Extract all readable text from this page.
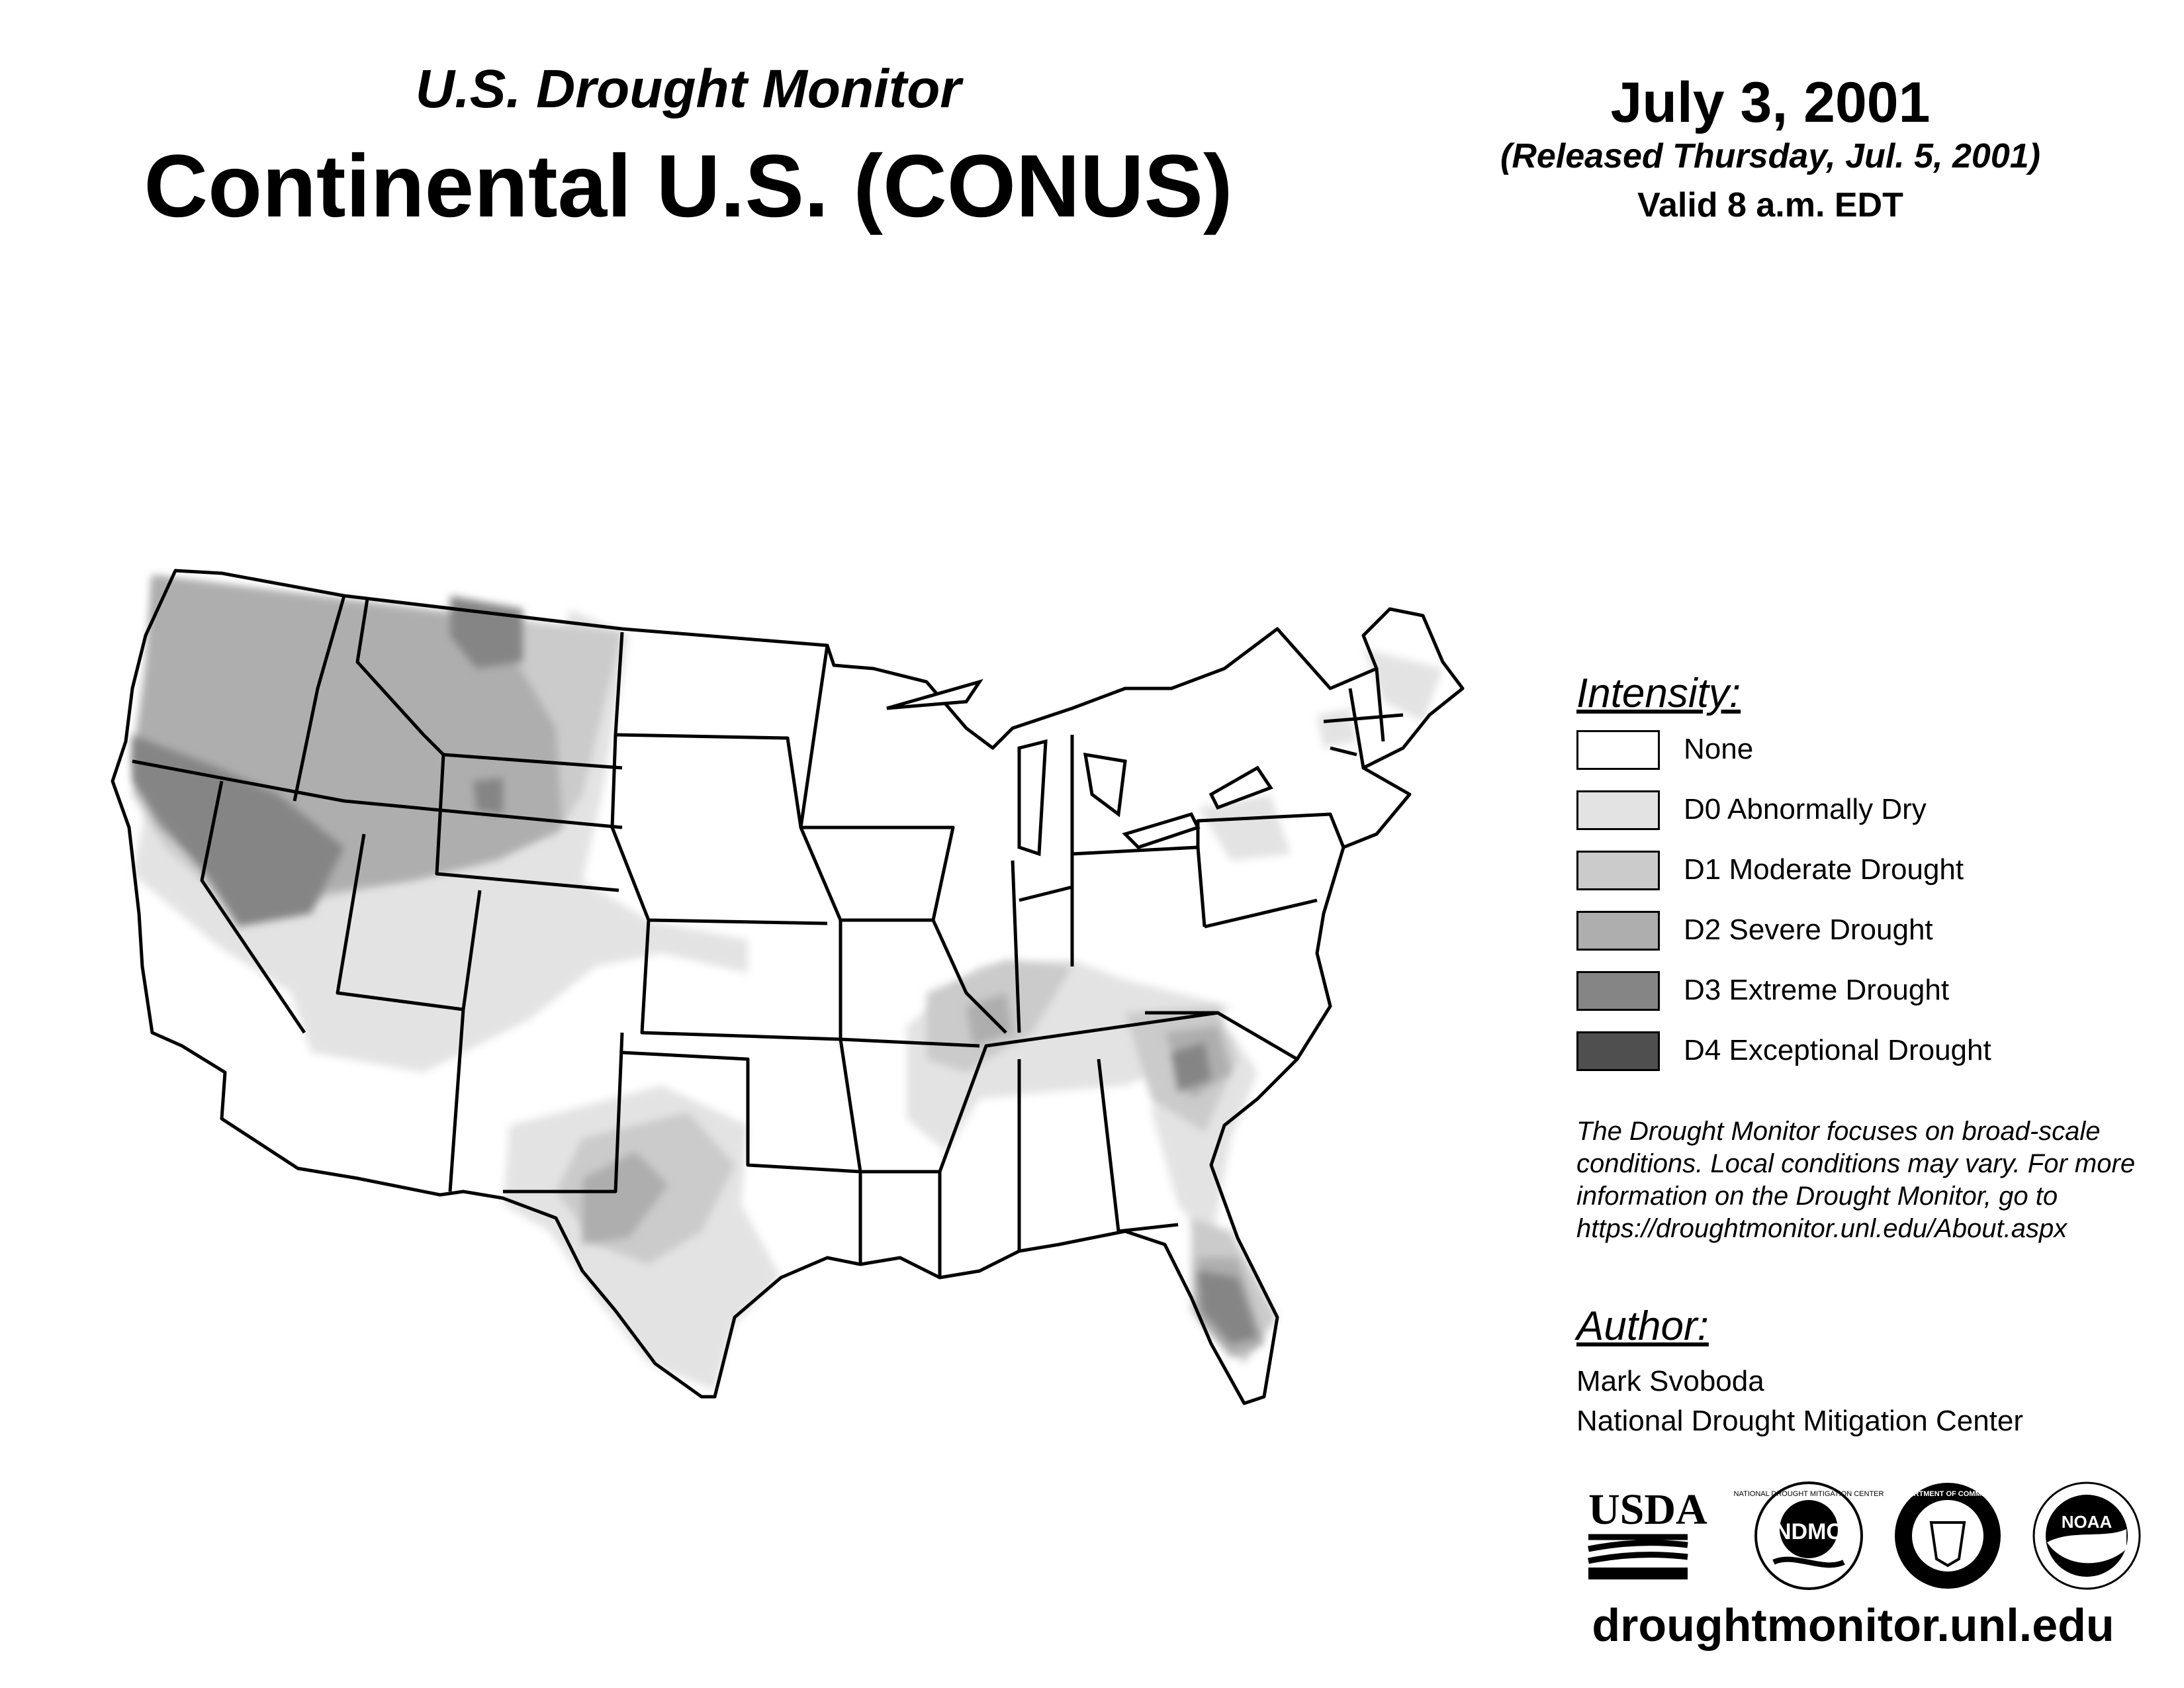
U.S. Drought Monitor
Continental U.S. (CONUS)
July 3, 2001
(Released Thursday, Jul. 5, 2001)
Valid 8 a.m. EDT
Intensity:
None
D0 Abnormally Dry
D1 Moderate Drought
D2 Severe Drought
D3 Extreme Drought
D4 Exceptional Drought
The Drought Monitor focuses on broad-scale
conditions. Local conditions may vary. For more
information on the Drought Monitor, go to
https://droughtmonitor.unl.edu/About.aspx
Author:
Mark Svoboda
National Drought Mitigation Center
USDA	NDMC
NATIONAL DROUGHT MITIGATION CENTER DEPARTMENT OF COMMERCE
NOAA
droughtmonitor.unl.edu
